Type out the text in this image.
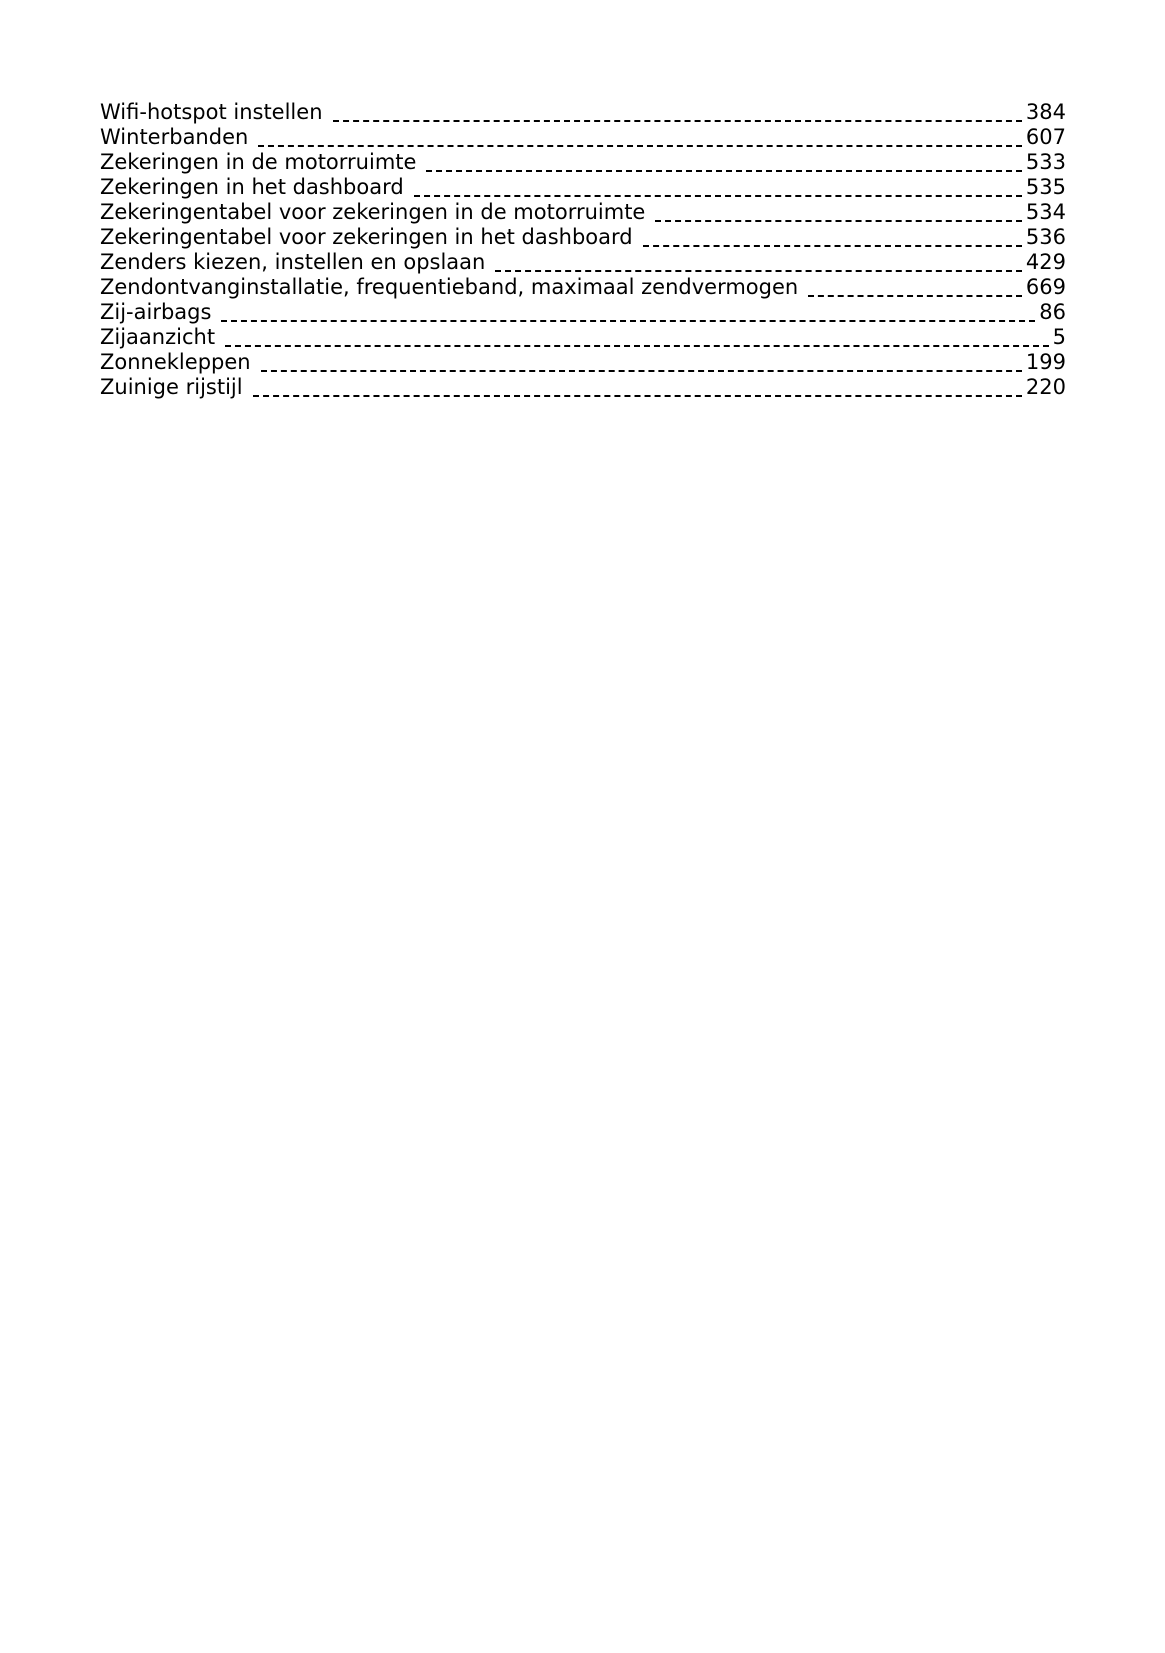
Wifi-hotspot instellen	384
Winterbanden	607
Zekeringen in de motorruimte	533
Zekeringen in het dashboard	535
Zekeringentabel voor zekeringen in de motorruimte	534
Zekeringentabel voor zekeringen in het dashboard	536
Zenders kiezen, instellen en opslaan	429
Zendontvanginstallatie, frequentieband, maximaal zendvermogen	669
Zij-airbags	86
Zijaanzicht	5
Zonnekleppen	199
Zuinige rijstijl	220
